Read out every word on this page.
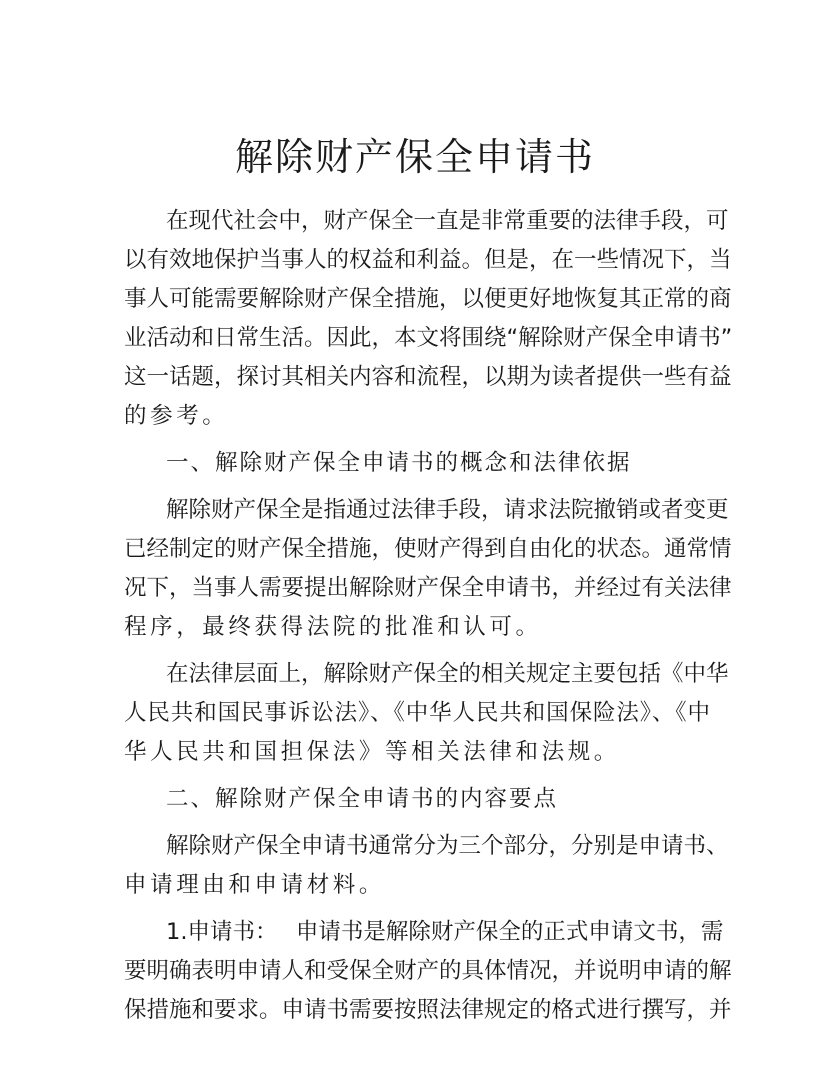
解除财产保全申请书
在现代社会中，财产保全一直是非常重要的法律手段，可
以有效地保护当事人的权益和利益。但是，在一些情况下，当
事人可能需要解除财产保全措施，以便更好地恢复其正常的商
业活动和日常生活。因此，本文将围绕“解除财产保全申请书”
这一话题，探讨其相关内容和流程，以期为读者提供一些有益
的参考。
一、解除财产保全申请书的概念和法律依据
解除财产保全是指通过法律手段，请求法院撤销或者变更
已经制定的财产保全措施，使财产得到自由化的状态。通常情
况下，当事人需要提出解除财产保全申请书，并经过有关法律
程序，最终获得法院的批准和认可。
在法律层面上，解除财产保全的相关规定主要包括《中华
人民共和国民事诉讼法》、《中华人民共和国保险法》、《中
华人民共和国担保法》等相关法律和法规。
二、解除财产保全申请书的内容要点
解除财产保全申请书通常分为三个部分，分别是申请书、
申请理由和申请材料。
1.申请书：　 申请书是解除财产保全的正式申请文书，需
要明确表明申请人和受保全财产的具体情况，并说明申请的解
保措施和要求。申请书需要按照法律规定的格式进行撰写，并
